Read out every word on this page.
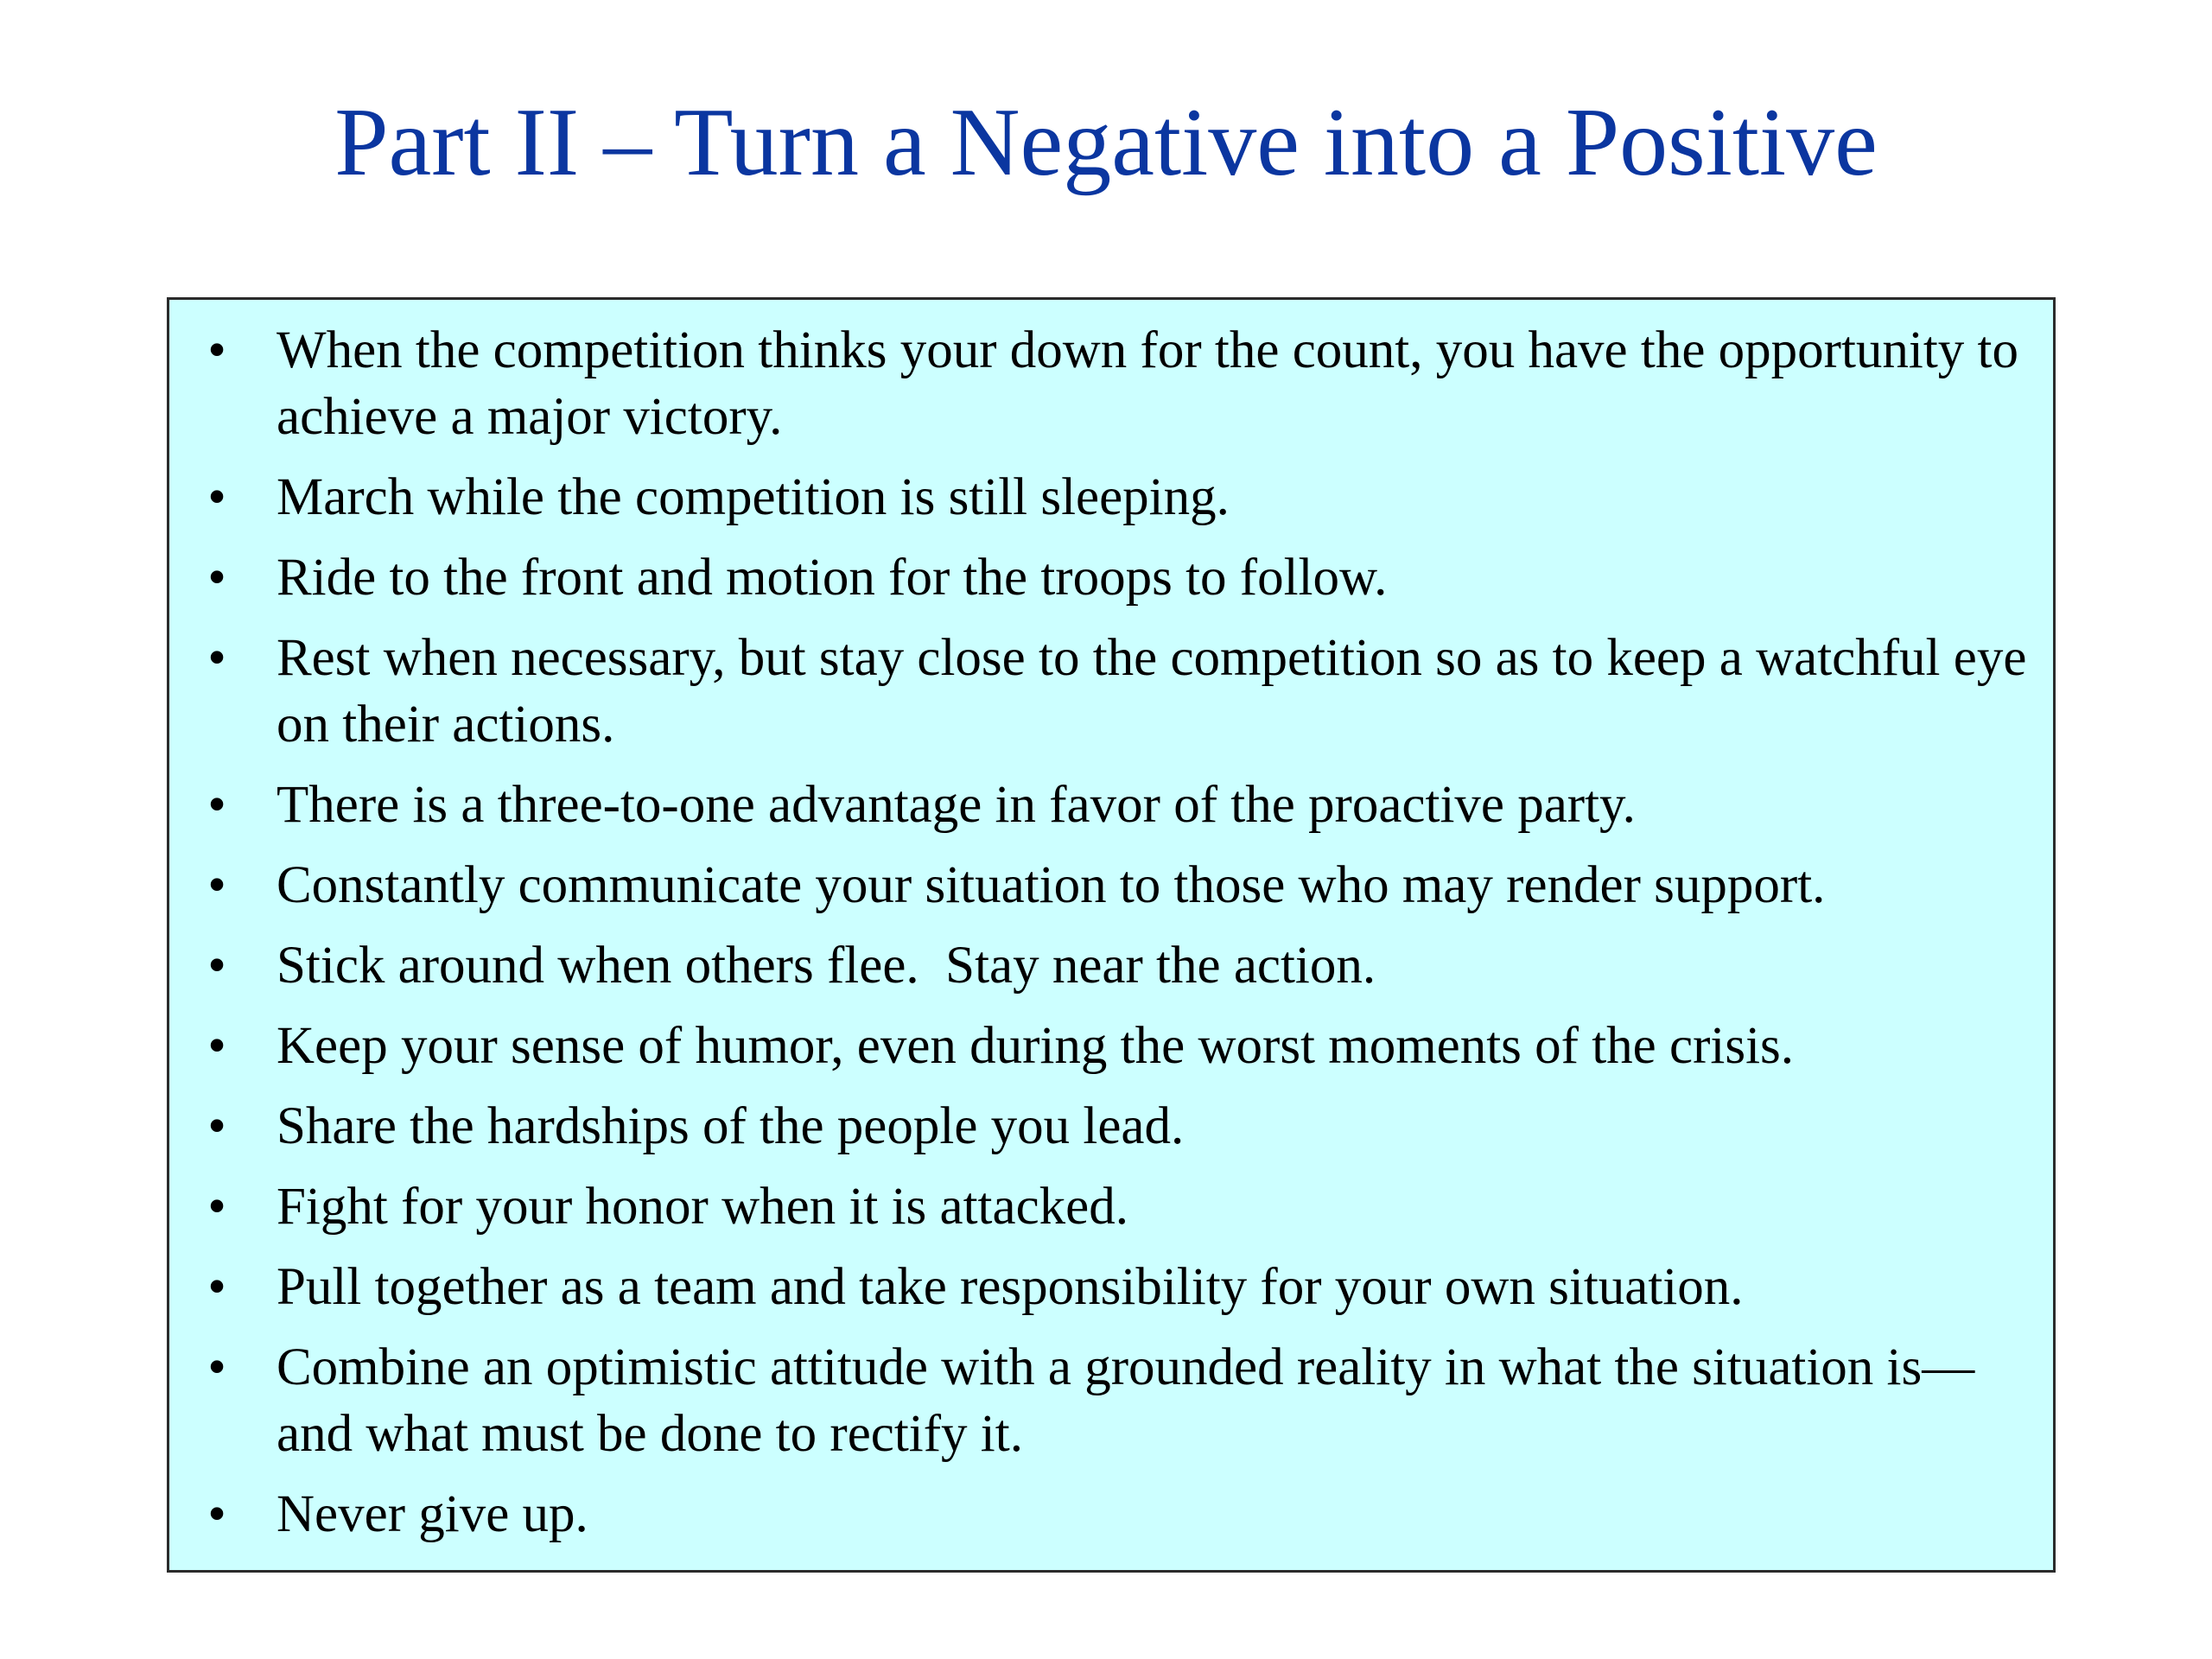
Part II – Turn a Negative into a Positive
• When the competition thinks your down for the count, you have the opportunity to achieve a major victory.
• March while the competition is still sleeping.
• Ride to the front and motion for the troops to follow.
• Rest when necessary, but stay close to the competition so as to keep a watchful eye on their actions.
• There is a three-to-one advantage in favor of the proactive party.
• Constantly communicate your situation to those who may render support.
• Stick around when others flee.  Stay near the action.
• Keep your sense of humor, even during the worst moments of the crisis.
• Share the hardships of the people you lead.
• Fight for your honor when it is attacked.
• Pull together as a team and take responsibility for your own situation.
• Combine an optimistic attitude with a grounded reality in what the situation is—and what must be done to rectify it.
• Never give up.
